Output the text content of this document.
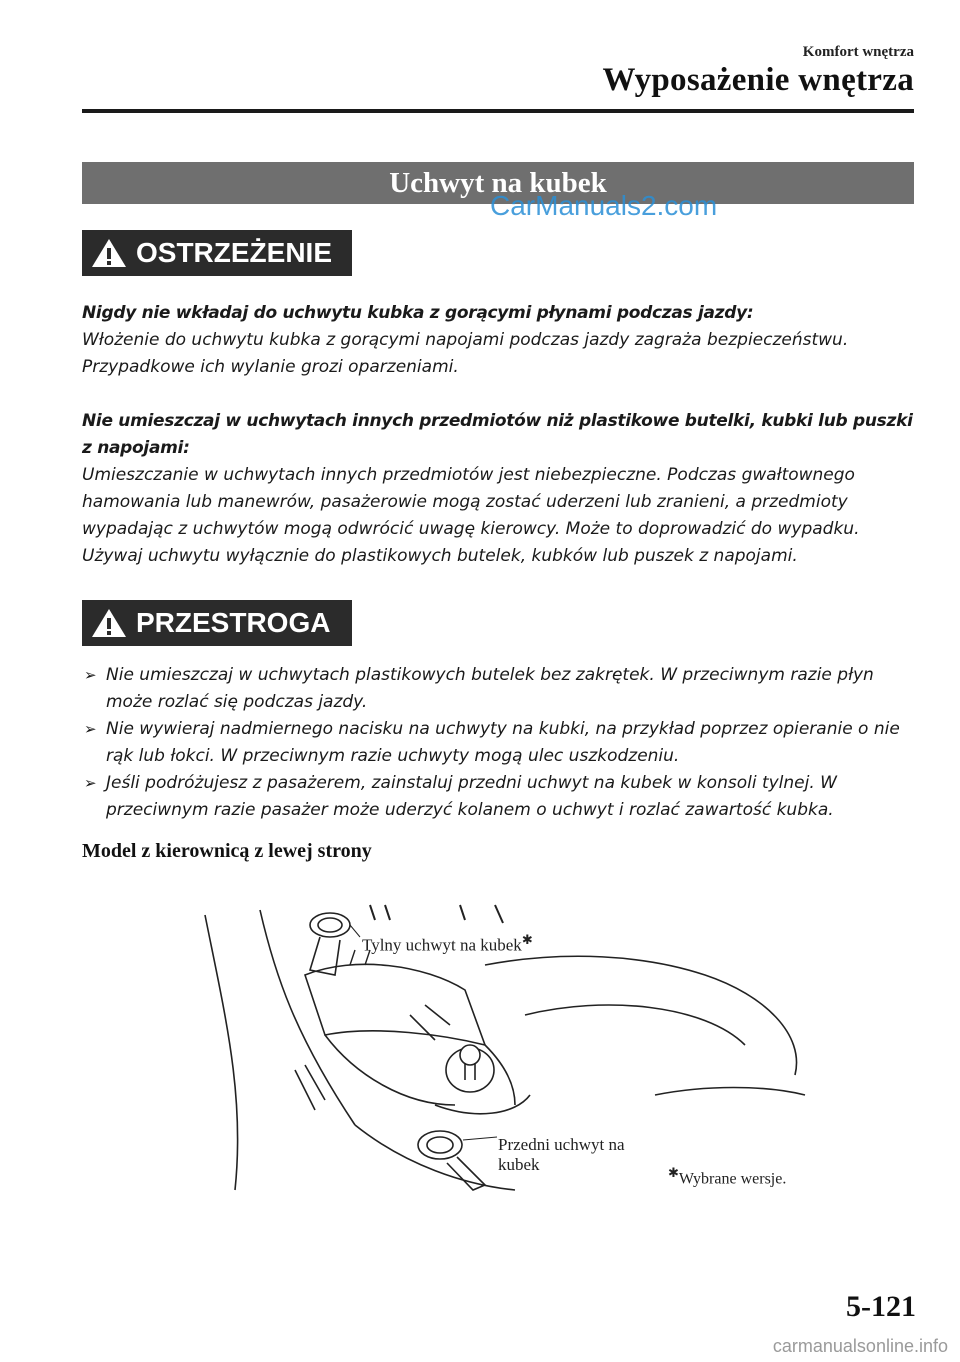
Komfort wnętrza
Wyposażenie wnętrza
Uchwyt na kubek
CarManuals2.com
OSTRZEŻENIE

Nigdy nie wkładaj do uchwytu kubka z gorącymi płynami podczas jazdy:

Włożenie do uchwytu kubka z gorącymi napojami podczas jazdy zagraża bezpieczeństwu. Przypadkowe ich wylanie grozi oparzeniami.

Nie umieszczaj w uchwytach innych przedmiotów niż plastikowe butelki, kubki lub puszki z napojami:

Umieszczanie w uchwytach innych przedmiotów jest niebezpieczne. Podczas gwałtownego hamowania lub manewrów, pasażerowie mogą zostać uderzeni lub zranieni, a przedmioty wypadając z uchwytów mogą odwrócić uwagę kierowcy. Może to doprowadzić do wypadku. Używaj uchwytu wyłącznie do plastikowych butelek, kubków lub puszek z napojami.

PRZESTROGA
➢ Nie umieszczaj w uchwytach plastikowych butelek bez zakrętek. W przeciwnym razie płyn może rozlać się podczas jazdy.
➢ Nie wywieraj nadmiernego nacisku na uchwyty na kubki, na przykład poprzez opieranie o nie rąk lub łokci. W przeciwnym razie uchwyty mogą ulec uszkodzeniu.
➢ Jeśli podróżujesz z pasażerem, zainstaluj przedni uchwyt na kubek w konsoli tylnej. W przeciwnym razie pasażer może uderzyć kolanem o uchwyt i rozlać zawartość kubka.
Model z kierownicą z lewej strony
Tylny uchwyt na kubek✱
Przedni uchwyt na kubek	✱Wybrane wersje.
5-121
carmanualsonline.info
